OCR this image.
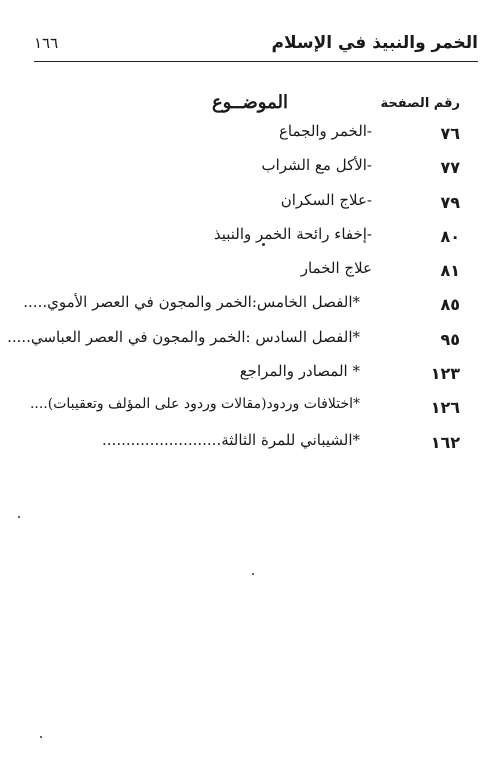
الخمر والنبيذ في الإسلام
١٦٦
رقم الصفحة
الموضــوع
٧٦
-الخمر والجماع
٧٧
-الأكل مع الشراب
٧٩
-علاج السكران
٨٠
-إخفاء رائحة الخمر والنبيذ
٨١
علاج الخمار
٨٥
*الفصل الخامس:الخمر والمجون في العصر الأموي.....
٩٥
*الفصل السادس :الخمر والمجون في العصر العباسي.....
١٢٣
* المصادر والمراجع
١٢٦
*اختلافات وردود(مقالات وردود على المؤلف وتعقيبات)....
١٦٢
*الشيباني للمرة الثالثة.........................
